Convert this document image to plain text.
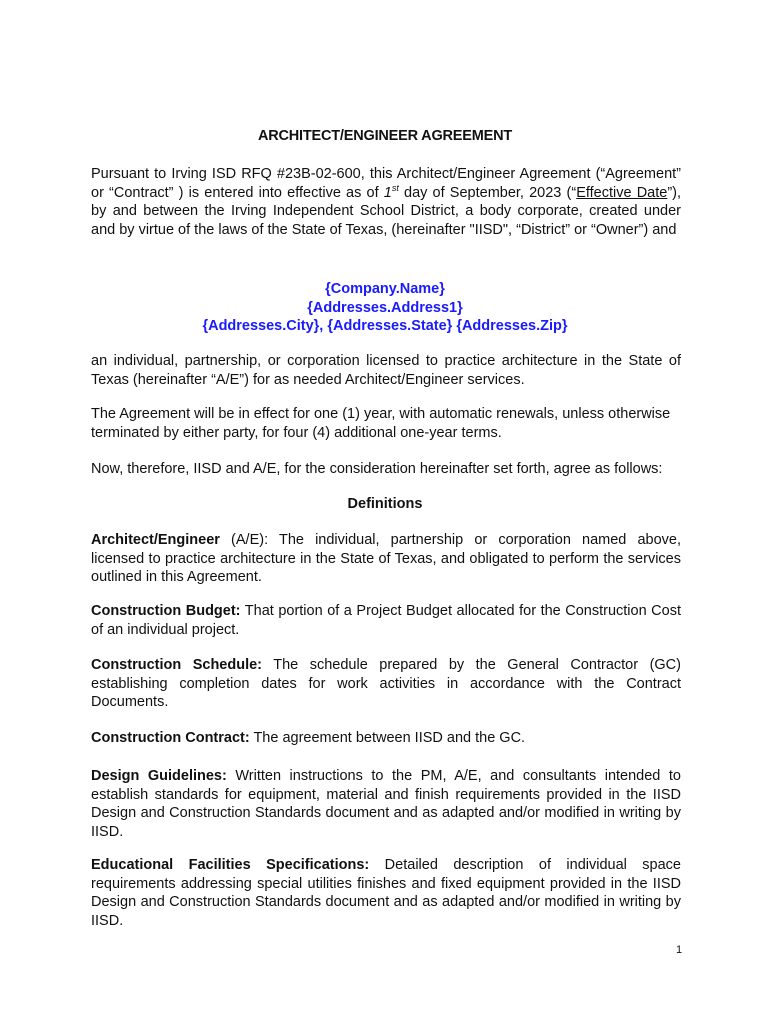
ARCHITECT/ENGINEER AGREEMENT
Pursuant to Irving ISD RFQ #23B-02-600, this Architect/Engineer Agreement (“Agreement” or “Contract” ) is entered into effective as of 1st day of September, 2023 (“Effective Date”), by and between the Irving Independent School District, a body corporate, created under and by virtue of the laws of the State of Texas, (hereinafter "IISD", “District” or “Owner”) and
{Company.Name}
{Addresses.Address1}
{Addresses.City}, {Addresses.State} {Addresses.Zip}
an individual, partnership, or corporation licensed to practice architecture in the State of Texas (hereinafter “A/E”) for as needed Architect/Engineer services.
The Agreement will be in effect for one (1) year, with automatic renewals, unless otherwise terminated by either party, for four (4) additional one-year terms.
Now, therefore, IISD and A/E, for the consideration hereinafter set forth, agree as follows:
Definitions
Architect/Engineer (A/E): The individual, partnership or corporation named above, licensed to practice architecture in the State of Texas, and obligated to perform the services outlined in this Agreement.
Construction Budget: That portion of a Project Budget allocated for the Construction Cost of an individual project.
Construction Schedule: The schedule prepared by the General Contractor (GC) establishing completion dates for work activities in accordance with the Contract Documents.
Construction Contract: The agreement between IISD and the GC.
Design Guidelines: Written instructions to the PM, A/E, and consultants intended to establish standards for equipment, material and finish requirements provided in the IISD Design and Construction Standards document and as adapted and/or modified in writing by IISD.
Educational Facilities Specifications: Detailed description of individual space requirements addressing special utilities finishes and fixed equipment provided in the IISD Design and Construction Standards document and as adapted and/or modified in writing by IISD.
1
